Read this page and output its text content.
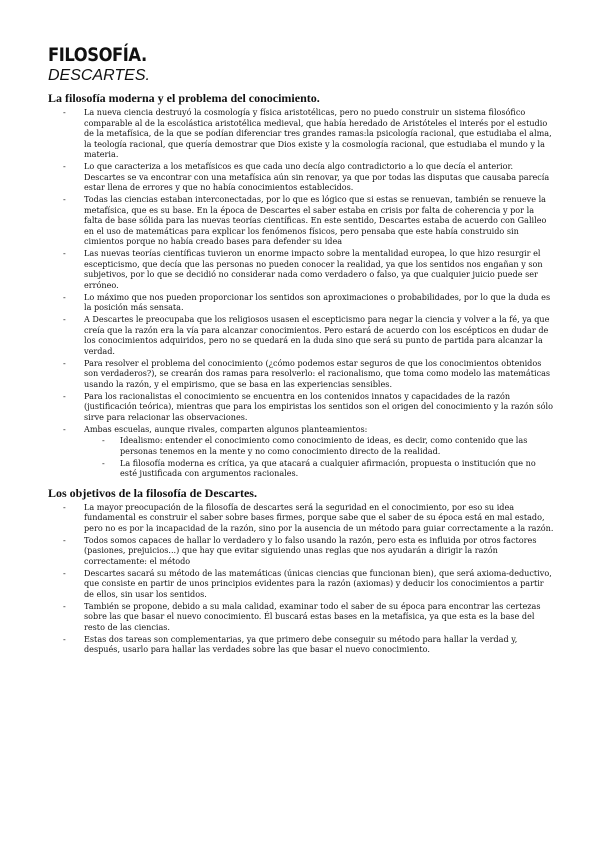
FILOSOFÍA.
DESCARTES.
La filosofía moderna y el problema del conocimiento.
- La nueva ciencia destruyó la cosmología y física aristotélicas, pero no puedo construir un sistema filosófico comparable al de la escolástica aristotélica medieval, que había heredado de Aristóteles el interés por el estudio de la metafísica, de la que se podían diferenciar tres grandes ramas:la psicología racional, que estudiaba el alma, la teología racional, que quería demostrar que Dios existe y la cosmología racional, que estudiaba el mundo y la materia.
- Lo que caracteriza a los metafísicos es que cada uno decía algo contradictorio a lo que decía el anterior. Descartes se va encontrar con una metafísica aún sin renovar, ya que por todas las disputas que causaba parecía estar llena de errores y que no había conocimientos establecidos.
- Todas las ciencias estaban interconectadas, por lo que es lógico que si estas se renuevan, también se renueve la metafísica, que es su base. En la época de Descartes el saber estaba en crisis por falta de coherencia y por la falta de base sólida para las nuevas teorías científicas. En este sentido, Descartes estaba de acuerdo con Galileo en el uso de matemáticas para explicar los fenómenos físicos, pero pensaba que este había construido sin cimientos porque no había creado bases para defender su idea
- Las nuevas teorías científicas tuvieron un enorme impacto sobre la mentalidad europea, lo que hizo resurgir el escepticismo, que decía que las personas no pueden conocer la realidad, ya que los sentidos nos engañan y son subjetivos, por lo que se decidió no considerar nada como verdadero o falso, ya que cualquier juicio puede ser erróneo.
- Lo máximo que nos pueden proporcionar los sentidos son aproximaciones o probabilidades, por lo que la duda es la posición más sensata.
- A Descartes le preocupaba que los religiosos usasen el escepticismo para negar la ciencia y volver a la fé, ya que creía que la razón era la vía para alcanzar conocimientos. Pero estará de acuerdo con los escépticos en dudar de los conocimientos adquiridos, pero no se quedará en la duda sino que será su punto de partida para alcanzar la verdad.
- Para resolver el problema del conocimiento (¿cómo podemos estar seguros de que los conocimientos obtenidos son verdaderos?), se crearán dos ramas para resolverlo: el racionalismo, que toma como modelo las matemáticas usando la razón, y el empirismo, que se basa en las experiencias sensibles.
- Para los racionalistas el conocimiento se encuentra en los contenidos innatos y capacidades de la razón (justificación teórica), mientras que para los empiristas los sentidos son el origen del conocimiento y la razón sólo sirve para relacionar las observaciones.
- Ambas escuelas, aunque rivales, comparten algunos planteamientos:
- Idealismo: entender el conocimiento como conocimiento de ideas, es decir, como contenido que las personas tenemos en la mente y no como conocimiento directo de la realidad.
- La filosofía moderna es crítica, ya que atacará a cualquier afirmación, propuesta o institución que no esté justificada con argumentos racionales.
Los objetivos de la filosofía de Descartes.
- La mayor preocupación de la filosofía de descartes será la seguridad en el conocimiento, por eso su idea fundamental es construir el saber sobre bases firmes, porque sabe que el saber de su época está en mal estado, pero no es por la incapacidad de la razón, sino por la ausencia de un método para guiar correctamente a la razón.
- Todos somos capaces de hallar lo verdadero y lo falso usando la razón, pero esta es influida por otros factores (pasiones, prejuicios...) que hay que evitar siguiendo unas reglas que nos ayudarán a dirigir la razón correctamente: el método
- Descartes sacará su método de las matemáticas (únicas ciencias que funcionan bien), que será axioma-deductivo, que consiste en partir de unos principios evidentes para la razón (axiomas) y deducir los conocimientos a partir de ellos, sin usar los sentidos.
- También se propone, debido a su mala calidad, examinar todo el saber de su época para encontrar las certezas sobre las que basar el nuevo conocimiento. Él buscará estas bases en la metafísica, ya que esta es la base del resto de las ciencias.
- Estas dos tareas son complementarias, ya que primero debe conseguir su método para hallar la verdad y, después, usarlo para hallar las verdades sobre las que basar el nuevo conocimiento.
